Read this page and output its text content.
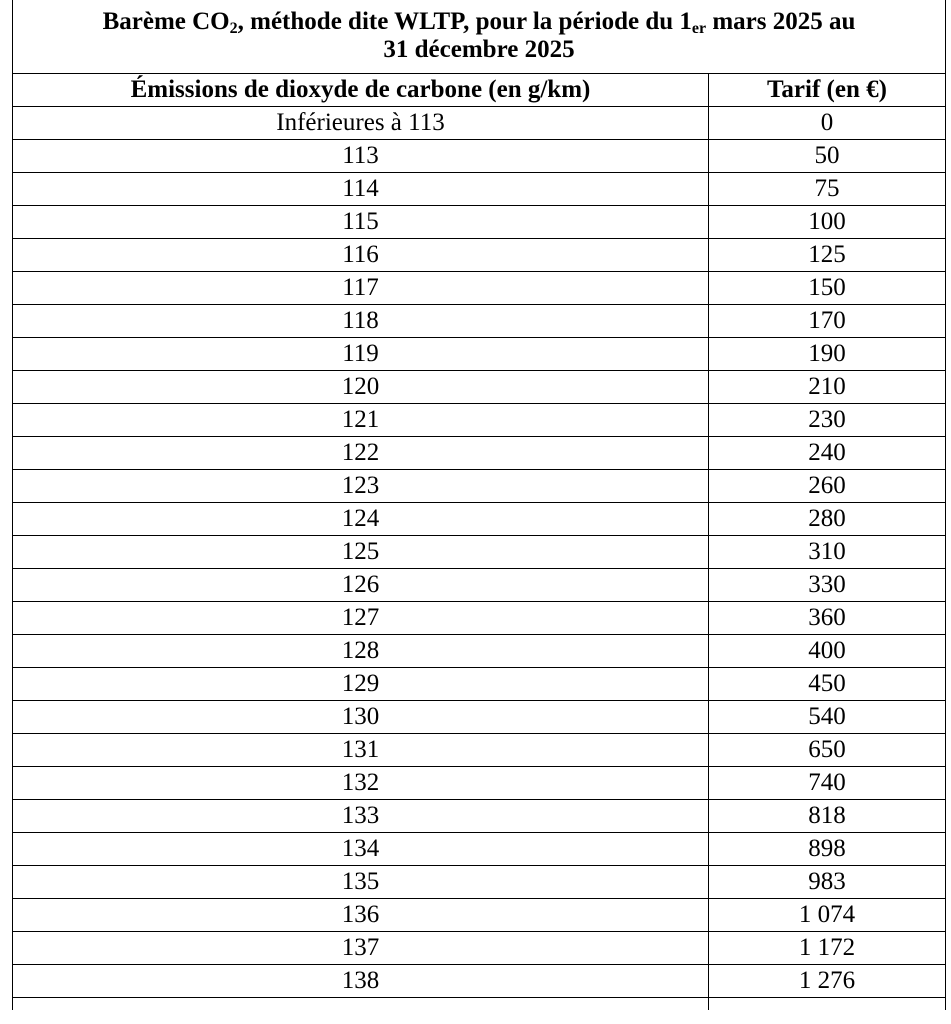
Barème $CO_2$, méthode dite WLTP, pour la période du $1_{er}$ mars 2025 au
31 décembre 2025	
Émissions de dioxyde de carbone (en g/km)	Tarif (en €)
Inférieures à 113	0
113	50
114	75
115	100
116	125
117	150
118	170
119	190
120	210
121	230
122	240
123	260
124	280
125	310
126	330
127	360
128	400
129	450
130	540
131	650
132	740
133	818
134	898
135	983
136	1 074
137	1 172
138	1 276
